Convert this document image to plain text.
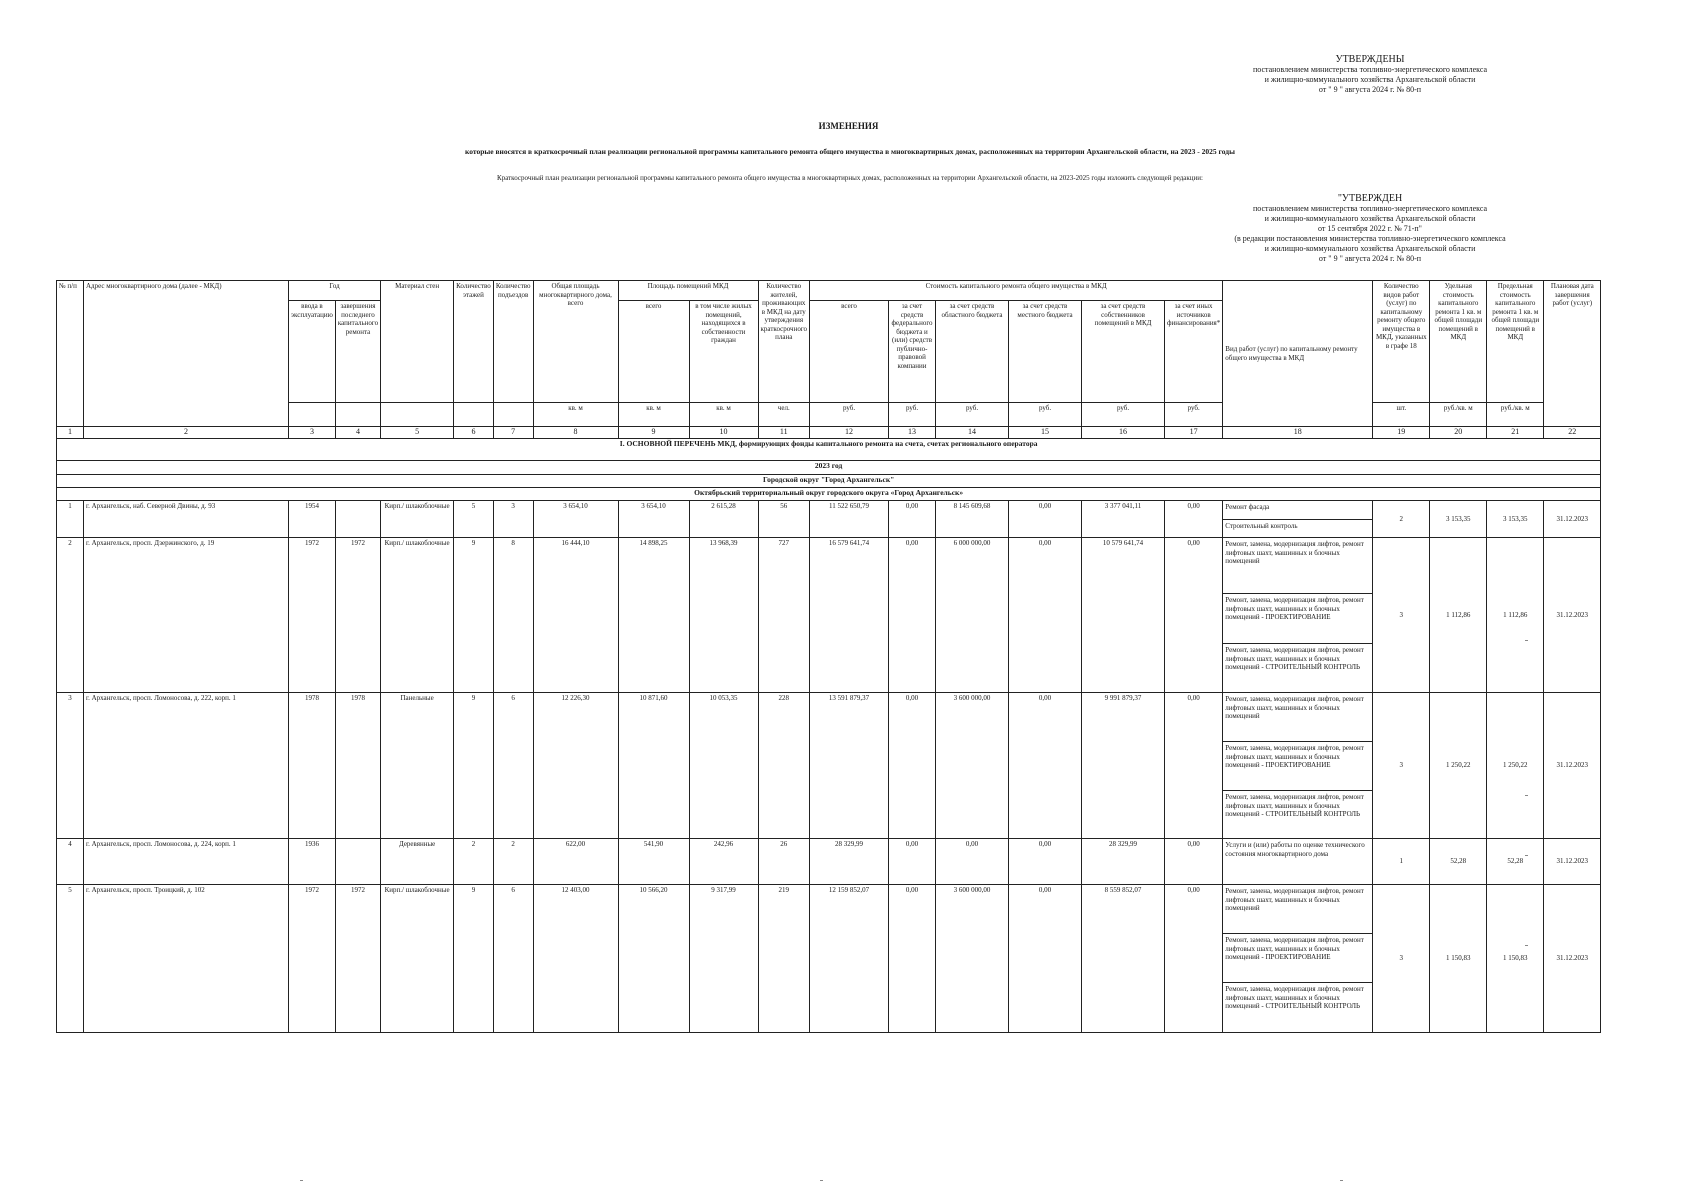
УТВЕРЖДЕНЫ
постановлением министерства топливно-энергетического комплекса
и жилищно-коммунального хозяйства Архангельской области
от " 9 " августа 2024 г. № 80-п
ИЗМЕНЕНИЯ
которые вносятся в краткосрочный план реализации региональной программы капитального ремонта общего имущества в многоквартирных домах, расположенных на территории Архангельской области, на 2023 - 2025 годы
Краткосрочный план реализации региональной программы капитального ремонта общего имущества в многоквартирных домах, расположенных на территории Архангельской области, на 2023-2025 годы изложить следующей редакции:
"УТВЕРЖДЕН
постановлением министерства топливно-энергетического комплекса
и жилищно-коммунального хозяйства Архангельской области
от 15 сентября 2022 г. № 71-п"
(в редакции постановления министерства топливно-энергетического комплекса
и жилищно-коммунального хозяйства Архангельской области
от " 9 " августа 2024 г. № 80-п
№ п/п	Адрес многоквартирного дома (далее - МКД)	Год		Материал стен	Количество этажей	Количество подъездов	Общая площадь многоквартирного дома, всего	Площадь помещений МКД		Количество жителей, проживающих в МКД на дату утверждения краткосрочного плана	Стоимость капитального ремонта общего имущества в МКД						Вид работ (услуг) по капитальному ремонту общего имущества в МКД	Количество видов работ (услуг) по капитальному ремонту общего имущества в МКД, указанных в графе 18	Удельная стоимость капитального ремонта 1 кв. м общей площади помещений в МКД	Предельная стоимость капитального ремонта 1 кв. м общей площади помещений в МКД	Плановая дата завершения работ (услуг)
		ввода в эксплуатацию	завершения последнего капитального ремонта					всего	в том числе жилых помещений, находящихся в собственности граждан		всего	за счет средств федерального бюджета и (или) средств публично-правовой компании	за счет средств областного бюджета	за счет средств местного бюджета	за счет средств собственников помещений в МКД	за счет иных источников финансирования*					
							кв. м	кв. м	кв. м	чел.	руб.	руб.	руб.	руб.	руб.	руб.		шт.	руб./кв. м	руб./кв. м	
1	2	3	4	5	6	7	8	9	10	11	12	13	14	15	16	17	18	19	20	21	22
I. ОСНОВНОЙ ПЕРЕЧЕНЬ МКД, формирующих фонды капитального ремонта на счета, счетах регионального оператора																					
2023 год																					
Городской округ "Город Архангельск"																					
Октябрьский территориальный округ городского округа «Город Архангельск»																					
1	г. Архангельск, наб. Северной Двины, д. 93	1954		Кирп./ шлакоблочные	5	3	3 654,10	3 654,10	2 615,28	56	11 522 650,79	0,00	8 145 609,68	0,00	3 377 041,11	0,00	Ремонт фасада
Строительный контроль	2	3 153,35	3 153,35	31.12.2023
2	г. Архангельск, просп. Дзержинского, д. 19	1972	1972	Кирп./ шлакоблочные	9	8	16 444,10	14 898,25	13 968,39	727	16 579 641,74	0,00	6 000 000,00	0,00	10 579 641,74	0,00	Ремонт, замена, модернизация лифтов, ремонт лифтовых шахт, машинных и блочных помещений
Ремонт, замена, модернизация лифтов, ремонт лифтовых шахт, машинных и блочных помещений - ПРОЕКТИРОВАНИЕ
Ремонт, замена, модернизация лифтов, ремонт лифтовых шахт, машинных и блочных помещений - СТРОИТЕЛЬНЫЙ КОНТРОЛЬ	3	1 112,86	1 112,86	31.12.2023
3	г. Архангельск, просп. Ломоносова, д. 222, корп. 1	1978	1978	Панельные	9	6	12 226,30	10 871,60	10 053,35	228	13 591 879,37	0,00	3 600 000,00	0,00	9 991 879,37	0,00	Ремонт, замена, модернизация лифтов, ремонт лифтовых шахт, машинных и блочных помещений
Ремонт, замена, модернизация лифтов, ремонт лифтовых шахт, машинных и блочных помещений - ПРОЕКТИРОВАНИЕ
Ремонт, замена, модернизация лифтов, ремонт лифтовых шахт, машинных и блочных помещений - СТРОИТЕЛЬНЫЙ КОНТРОЛЬ	3	1 250,22	1 250,22	31.12.2023
4	г. Архангельск, просп. Ломоносова, д. 224, корп. 1	1936		Деревянные	2	2	622,00	541,90	242,96	26	28 329,99	0,00	0,00	0,00	28 329,99	0,00	Услуги и (или) работы по оценке технического состояния многоквартирного дома	1	52,28	52,28	31.12.2023
5	г. Архангельск, просп. Троицкий, д. 102	1972	1972	Кирп./ шлакоблочные	9	6	12 403,00	10 566,20	9 317,99	219	12 159 852,07	0,00	3 600 000,00	0,00	8 559 852,07	0,00	Ремонт, замена, модернизация лифтов, ремонт лифтовых шахт, машинных и блочных помещений
Ремонт, замена, модернизация лифтов, ремонт лифтовых шахт, машинных и блочных помещений - ПРОЕКТИРОВАНИЕ
Ремонт, замена, модернизация лифтов, ремонт лифтовых шахт, машинных и блочных помещений - СТРОИТЕЛЬНЫЙ КОНТРОЛЬ	3	1 150,83	1 150,83	31.12.2023
